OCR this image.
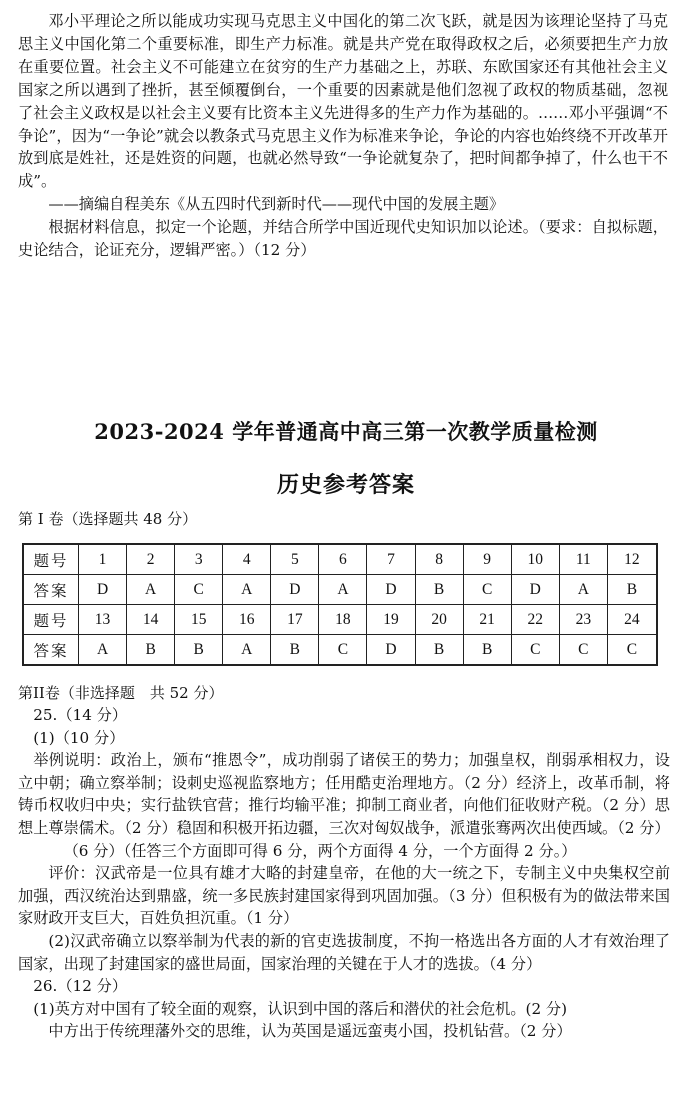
邓小平理论之所以能成功实现马克思主义中国化的第二次飞跃，就是因为该理论坚持了马克思主义中国化第二个重要标准，即生产力标准。就是共产党在取得政权之后，必须要把生产力放在重要位置。社会主义不可能建立在贫穷的生产力基础之上，苏联、东欧国家还有其他社会主义国家之所以遇到了挫折，甚至倾覆倒台，一个重要的因素就是他们忽视了政权的物质基础，忽视了社会主义政权是以社会主义要有比资本主义先进得多的生产力作为基础的。……邓小平强调“不争论”，因为“一争论”就会以教条式马克思主义作为标准来争论，争论的内容也始终绕不开改革开放到底是姓社，还是姓资的问题，也就必然导致“一争论就复杂了，把时间都争掉了，什么也干不成”。

——摘编自程美东《从五四时代到新时代——现代中国的发展主题》

根据材料信息，拟定一个论题，并结合所学中国近现代史知识加以论述。（要求：自拟标题，史论结合，论证充分，逻辑严密。）（12 分）

2023-2024 学年普通高中高三第一次教学质量检测
历史参考答案
第 I 卷（选择题共 48 分）
题号	1	2	3	4	5	6	7	8	9	10	11	12
答案	D	A	C	A	D	A	D	B	C	D	A	B
题号	13	14	15	16	17	18	19	20	21	22	23	24
答案	A	B	B	A	B	C	D	B	B	C	C	C
第II卷（非选择题　共 52 分）

25.（14 分）

(1)（10 分）

举例说明：政治上，颁布“推恩令”，成功削弱了诸侯王的势力；加强皇权，削弱承相权力，设立中朝；确立察举制；设刺史巡视监察地方；任用酷吏治理地方。（2 分）经济上，改革币制，将铸币权收归中央；实行盐铁官营；推行均输平准；抑制工商业者，向他们征收财产税。（2 分）思想上尊崇儒术。（2 分）稳固和积极开拓边疆，三次对匈奴战争，派遣张骞两次出使西域。（2 分）

（6 分）（任答三个方面即可得 6 分，两个方面得 4 分，一个方面得 2 分。）

评价：汉武帝是一位具有雄才大略的封建皇帝，在他的大一统之下，专制主义中央集权空前加强，西汉统治达到鼎盛，统一多民族封建国家得到巩固加强。（3 分）但积极有为的做法带来国家财政开支巨大，百姓负担沉重。（1 分）

(2)汉武帝确立以察举制为代表的新的官吏选拔制度，不拘一格选出各方面的人才有效治理了国家，出现了封建国家的盛世局面，国家治理的关键在于人才的选拔。（4 分）

26.（12 分）

(1)英方对中国有了较全面的观察，认识到中国的落后和潜伏的社会危机。(2 分)

中方出于传统理藩外交的思维，认为英国是遥远蛮夷小国，投机钻营。（2 分）
